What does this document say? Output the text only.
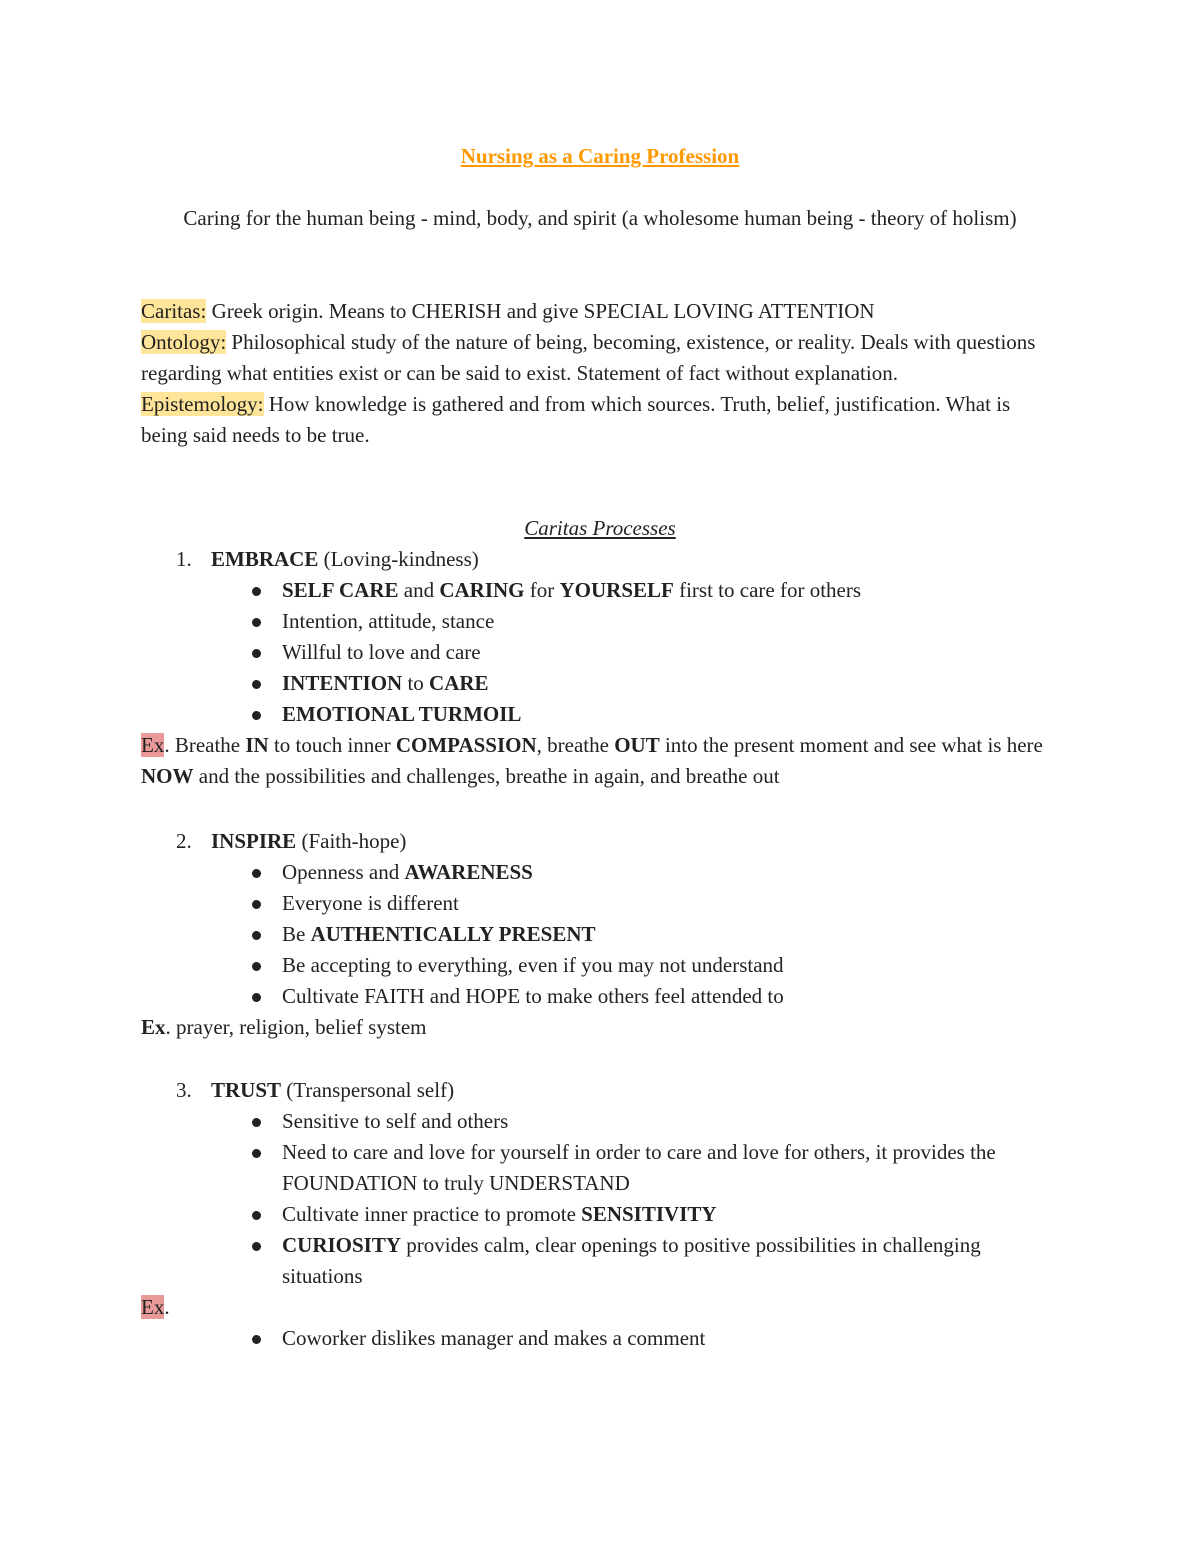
Nursing as a Caring Profession
Caring for the human being - mind, body, and spirit (a wholesome human being - theory of holism)

Caritas: Greek origin. Means to CHERISH and give SPECIAL LOVING ATTENTION

Ontology: Philosophical study of the nature of being, becoming, existence, or reality. Deals with questions regarding what entities exist or can be said to exist. Statement of fact without explanation.

Epistemology: How knowledge is gathered and from which sources. Truth, belief, justification. What is being said needs to be true.

Caritas Processes
1. EMBRACE (Loving-kindness)
SELF CARE and CARING for YOURSELF first to care for others
Intention, attitude, stance
Willful to love and care
INTENTION to CARE
EMOTIONAL TURMOIL

Ex. Breathe IN to touch inner COMPASSION, breathe OUT into the present moment and see what is here NOW and the possibilities and challenges, breathe in again, and breathe out

2. INSPIRE (Faith-hope)
Openness and AWARENESS
Everyone is different
Be AUTHENTICALLY PRESENT
Be accepting to everything, even if you may not understand
Cultivate FAITH and HOPE to make others feel attended to

Ex. prayer, religion, belief system

3. TRUST (Transpersonal self)
Sensitive to self and others
Need to care and love for yourself in order to care and love for others, it provides the FOUNDATION to truly UNDERSTAND
Cultivate inner practice to promote SENSITIVITY
CURIOSITY provides calm, clear openings to positive possibilities in challenging situations

Ex.

Coworker dislikes manager and makes a comment
